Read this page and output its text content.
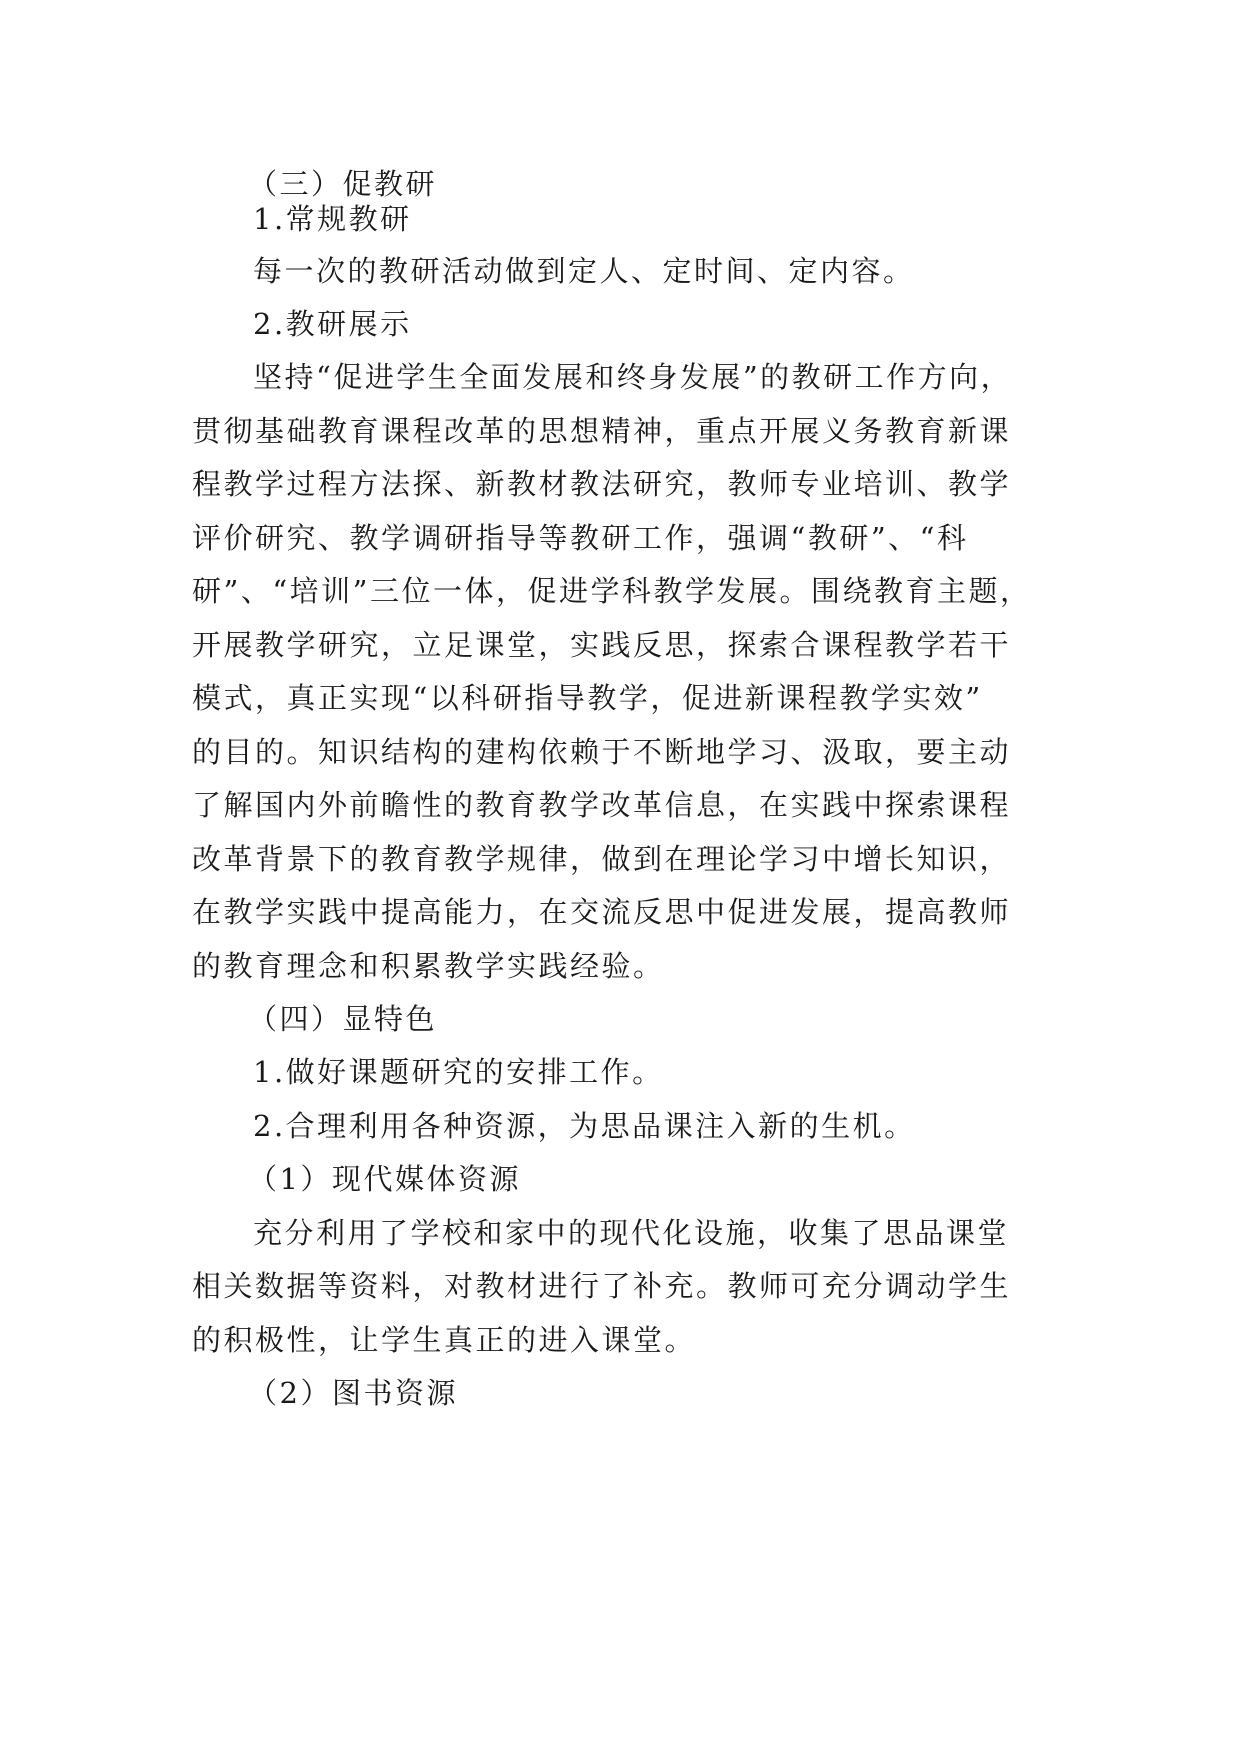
（三）促教研
1.常规教研
每一次的教研活动做到定人、定时间、定内容。
2.教研展示
坚持“促进学生全面发展和终身发展”的教研工作方向，
贯彻基础教育课程改革的思想精神，重点开展义务教育新课
程教学过程方法探、新教材教法研究，教师专业培训、教学
评价研究、教学调研指导等教研工作，强调“教研”、“科
研”、“培训”三位一体，促进学科教学发展。围绕教育主题，
开展教学研究，立足课堂，实践反思，探索合课程教学若干
模式，真正实现“以科研指导教学，促进新课程教学实效”
的目的。知识结构的建构依赖于不断地学习、汲取，要主动
了解国内外前瞻性的教育教学改革信息，在实践中探索课程
改革背景下的教育教学规律，做到在理论学习中增长知识，
在教学实践中提高能力，在交流反思中促进发展，提高教师
的教育理念和积累教学实践经验。
（四）显特色
1.做好课题研究的安排工作。
2.合理利用各种资源，为思品课注入新的生机。
（1）现代媒体资源
充分利用了学校和家中的现代化设施，收集了思品课堂
相关数据等资料，对教材进行了补充。教师可充分调动学生
的积极性，让学生真正的进入课堂。
（2）图书资源
